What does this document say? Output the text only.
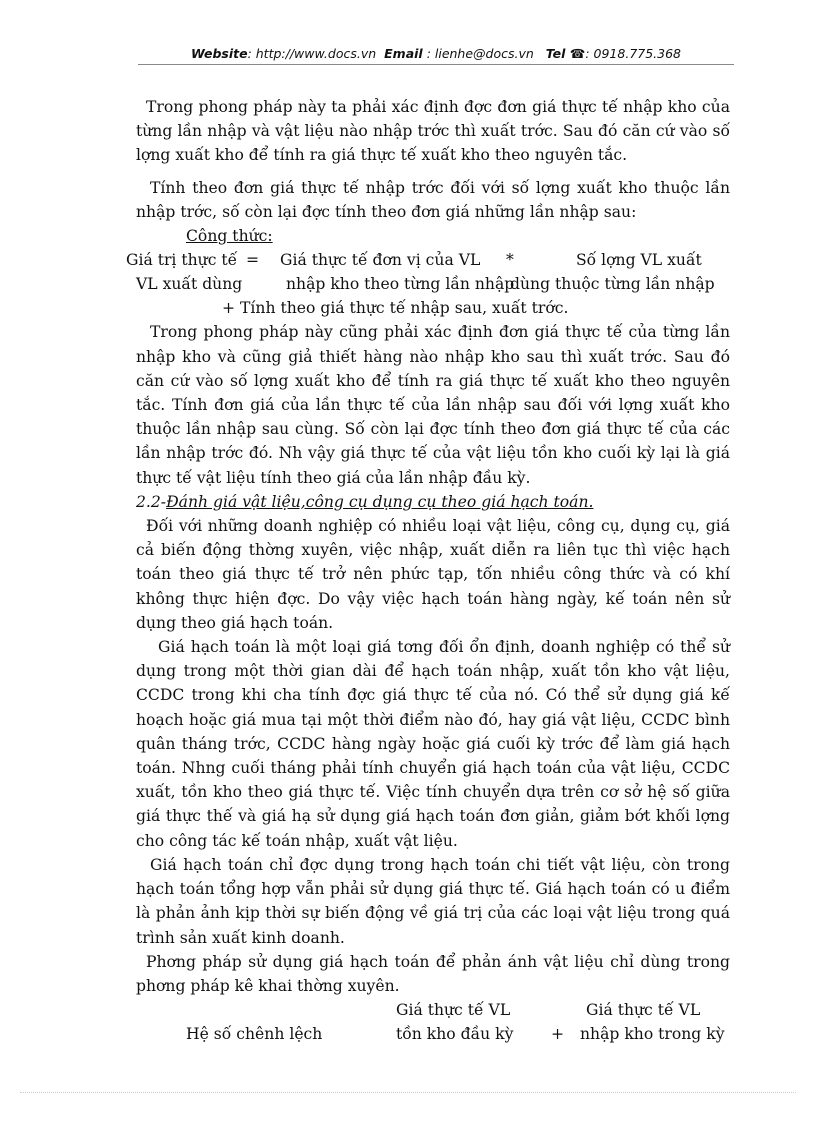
Website: http://www.docs.vn Email : lienhe@docs.vn Tel ☎: 0918.775.368

Trong phong pháp này ta phải xác định đợc đơn giá thực tế nhập kho của từng lần nhập và vật liệu nào nhập trớc thì xuất trớc. Sau đó căn cứ vào số lợng xuất kho để tính ra giá thực tế xuất kho theo nguyên tắc.

Tính theo đơn giá thực tế nhập trớc đối với số lợng xuất kho thuộc lần nhập trớc, số còn lại đợc tính theo đơn giá những lần nhập sau:

Công thức:

Giá trị thực tế = Giá thực tế đơn vị của VL *	Số lợng VL xuất
VL xuất dùng	nhập kho theo từng lần nhập
dùng thuộc từng lần nhập

+ Tính theo giá thực tế nhập sau, xuất trớc.

Trong phong pháp này cũng phải xác định đơn giá thực tế của từng lần nhập kho và cũng giả thiết hàng nào nhập kho sau thì xuất trớc. Sau đó căn cứ vào số lợng xuất kho để tính ra giá thực tế xuất kho theo nguyên tắc. Tính đơn giá của lần thực tế của lần nhập sau đối với lợng xuất kho thuộc lần nhập sau cùng. Số còn lại đợc tính theo đơn giá thực tế của các lần nhập trớc đó. Nh vậy giá thực tế của vật liệu tồn kho cuối kỳ lại là giá thực tế vật liệu tính theo giá của lần nhập đầu kỳ.

2.2-Đánh giá vật liệu,công cụ dụng cụ theo giá hạch toán.

Đối với những doanh nghiệp có nhiều loại vật liệu, công cụ, dụng cụ, giá cả biến động thờng xuyên, việc nhập, xuất diễn ra liên tục thì việc hạch toán theo giá thực tế trở nên phức tạp, tốn nhiều công thức và có khí không thực hiện đợc. Do vậy việc hạch toán hàng ngày, kế toán nên sử dụng theo giá hạch toán.

Giá hạch toán là một loại giá tơng đối ổn định, doanh nghiệp có thể sử dụng trong một thời gian dài để hạch toán nhập, xuất tồn kho vật liệu, CCDC trong khi cha tính đợc giá thực tế của nó. Có thể sử dụng giá kế hoạch hoặc giá mua tại một thời điểm nào đó, hay giá vật liệu, CCDC bình quân tháng trớc, CCDC hàng ngày hoặc giá cuối kỳ trớc để làm giá hạch toán. Nhng cuối tháng phải tính chuyển giá hạch toán của vật liệu, CCDC xuất, tồn kho theo giá thực tế. Việc tính chuyển dựa trên cơ sở hệ số giữa giá thực thế và giá hạ sử dụng giá hạch toán đơn giản, giảm bớt khối lợng cho công tác kế toán nhập, xuất vật liệu.

Giá hạch toán chỉ đợc dụng trong hạch toán chi tiết vật liệu, còn trong hạch toán tổng hợp vẫn phải sử dụng giá thực tế. Giá hạch toán có u điểm là phản ảnh kịp thời sự biến động về giá trị của các loại vật liệu trong quá trình sản xuất kinh doanh.

Phơng pháp sử dụng giá hạch toán để phản ánh vật liệu chỉ dùng trong phơng pháp kê khai thờng xuyên.

Giá thực tế VL	Giá thực tế VL
Hệ số chênh lệch	tồn kho đầu kỳ + nhập kho trong kỳ
